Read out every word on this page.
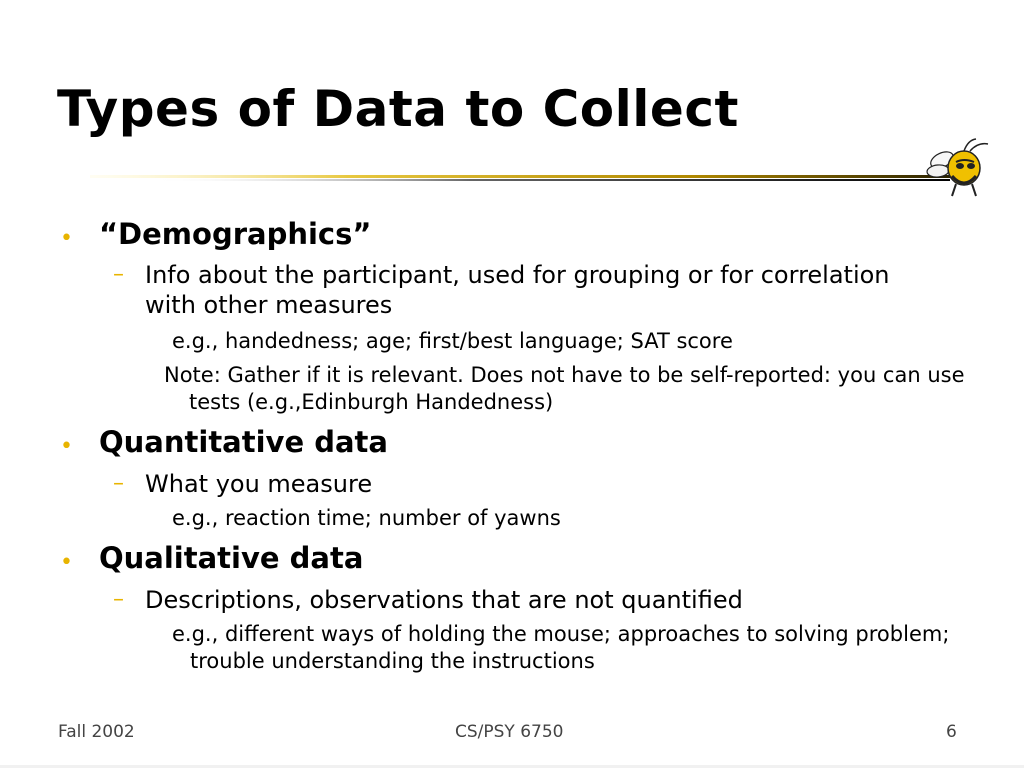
Types of Data to Collect
• “Demographics”
– Info about the participant, used for grouping or for correlation with other measures
e.g., handedness; age; first/best language; SAT score
Note: Gather if it is relevant. Does not have to be self-reported: you can use tests (e.g.,Edinburgh Handedness)
• Quantitative data
– What you measure
e.g., reaction time; number of yawns
• Qualitative data
– Descriptions, observations that are not quantified
e.g., different ways of holding the mouse; approaches to solving problem; trouble understanding the instructions
Fall 2002	CS/PSY 6750	6
